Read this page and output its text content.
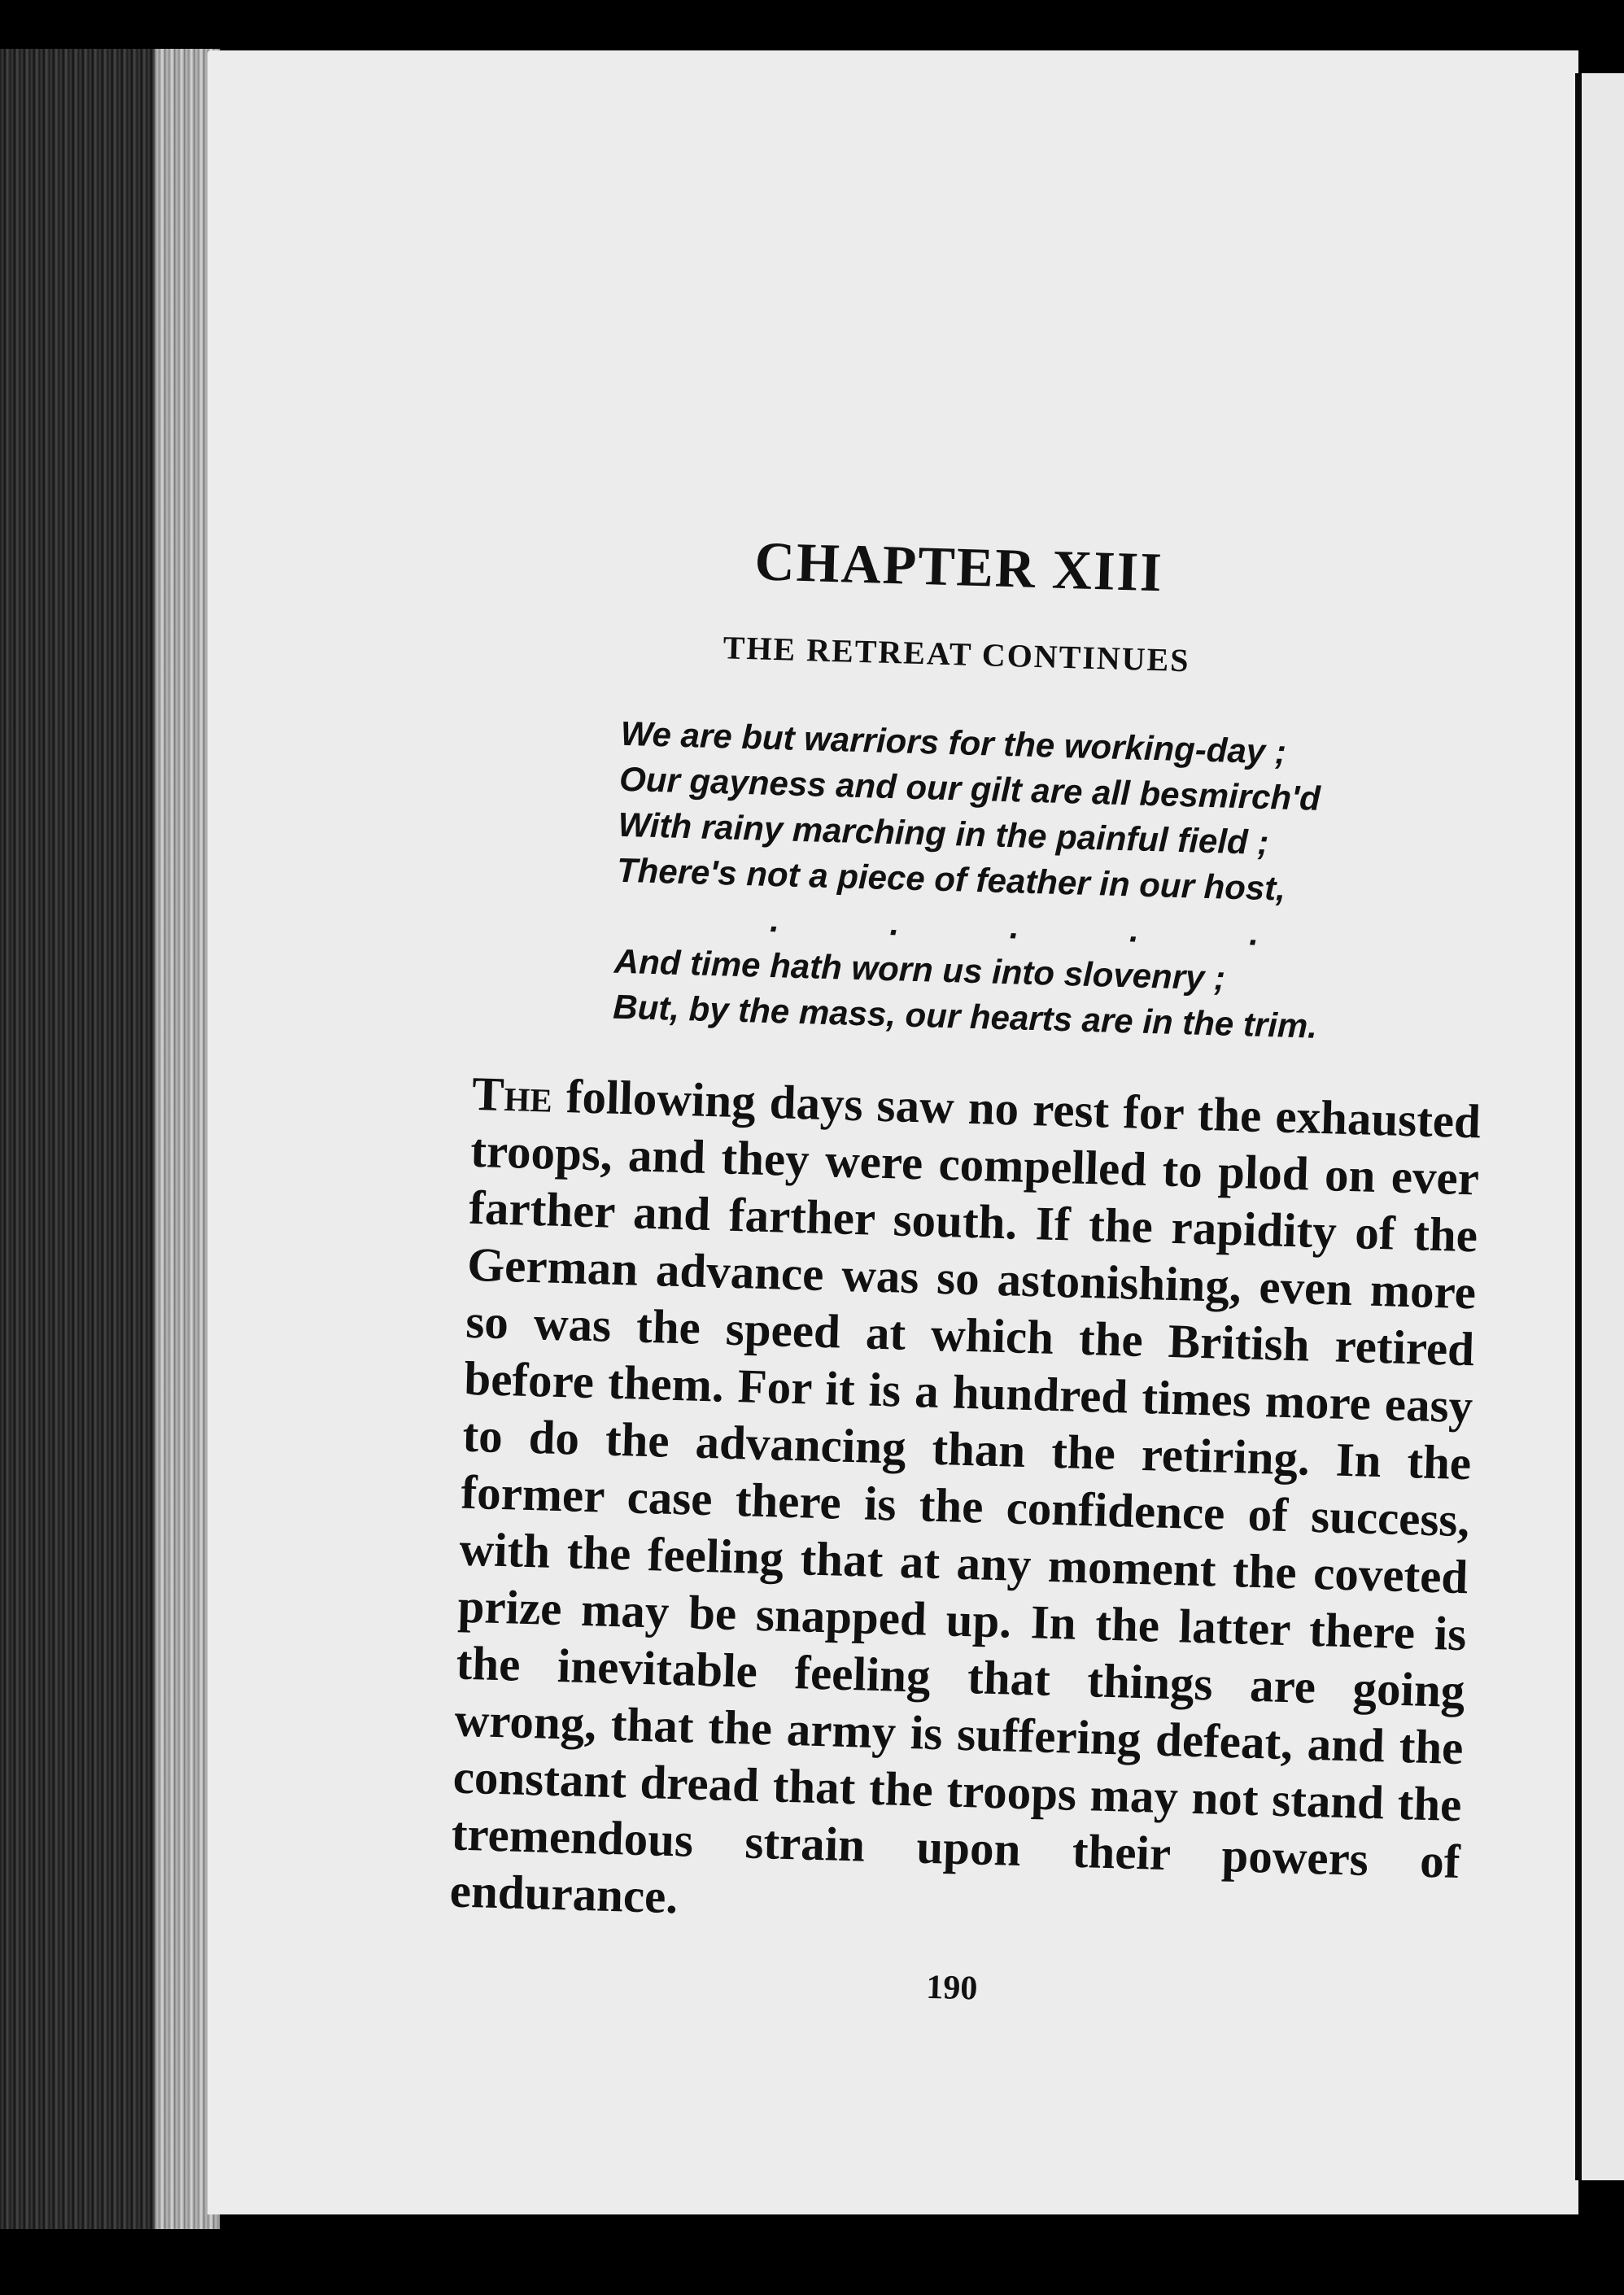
CHAPTER XIII
THE RETREAT CONTINUES
We are but warriors for the working-day ;
Our gayness and our gilt are all besmirch'd
With rainy marching in the painful field ;
There's not a piece of feather in our host,
. . . . .
And time hath worn us into slovenry ;
But, by the mass, our hearts are in the trim.
The following days saw no rest for the exhausted troops, and they were compelled to plod on ever farther and farther south. If the rapidity of the German advance was so astonishing, even more so was the speed at which the British retired before them. For it is a hundred times more easy to do the advancing than the retiring. In the former case there is the confidence of success, with the feeling that at any moment the coveted prize may be snapped up. In the latter there is the inevitable feeling that things are going wrong, that the army is suffering defeat, and the constant dread that the troops may not stand the tremendous strain upon their powers of endurance.
190
